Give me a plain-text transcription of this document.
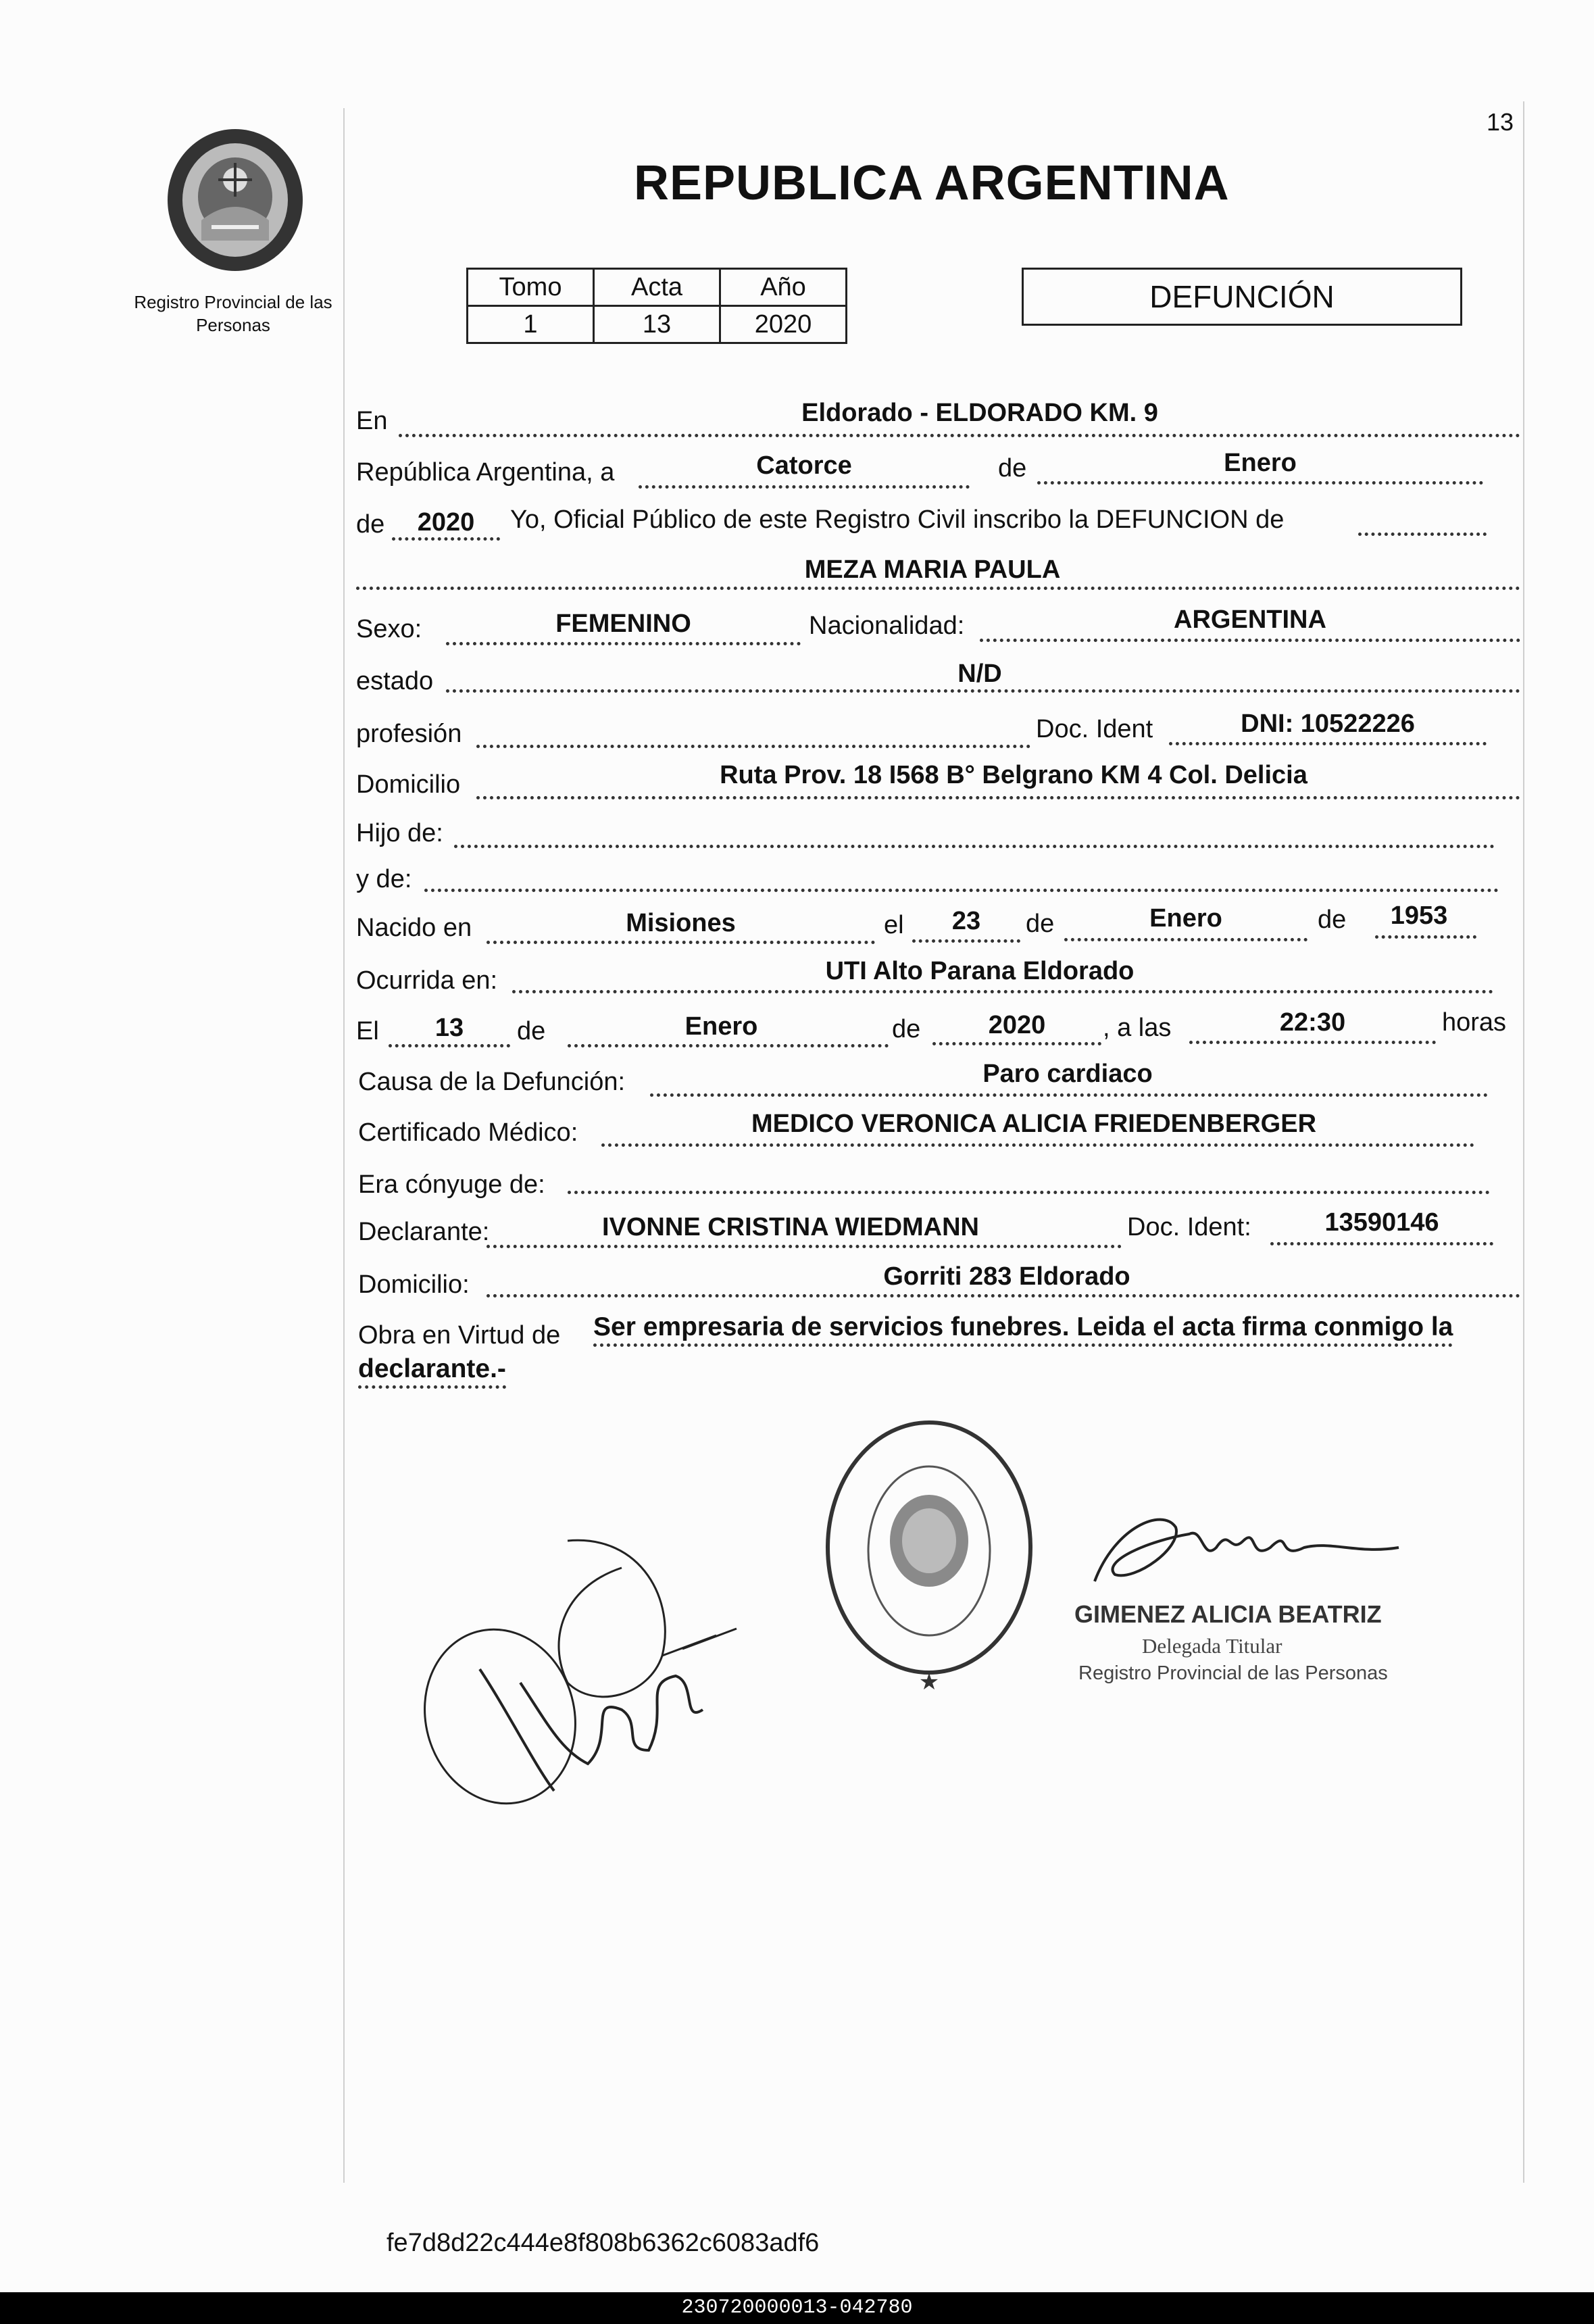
13
Registro Provincial de las Personas
REPUBLICA ARGENTINA
Tomo	Acta	Año
1	13	2020
DEFUNCIÓN
En	Eldorado - ELDORADO KM. 9
República Argentina, a	Catorce	de	Enero
de	2020	Yo, Oficial Público de este Registro Civil inscribo la DEFUNCION de
MEZA MARIA PAULA
Sexo:	FEMENINO	Nacionalidad:	ARGENTINA
estado	N/D
profesión	Doc. Ident	DNI: 10522226
Domicilio	Ruta Prov. 18 I568 B° Belgrano KM 4 Col. Delicia
Hijo de:
y de:
Nacido en	Misiones	el	23	de	Enero	de	1953
Ocurrida en:	UTI Alto Parana Eldorado
El	13	de	Enero	de	2020	, a las	22:30	horas
Causa de la Defunción:	Paro cardiaco
Certificado Médico:	MEDICO VERONICA ALICIA FRIEDENBERGER
Era cónyuge de:
Declarante:	IVONNE CRISTINA WIEDMANN	Doc. Ident:	13590146
Domicilio:	Gorriti 283 Eldorado
Obra en Virtud de Ser empresaria de servicios funebres. Leida el acta firma conmigo la
declarante.-
★
GIMENEZ ALICIA BEATRIZ
Delegada Titular
Registro Provincial de las Personas
fe7d8d22c444e8f808b6362c6083adf6
230720000013-042780
